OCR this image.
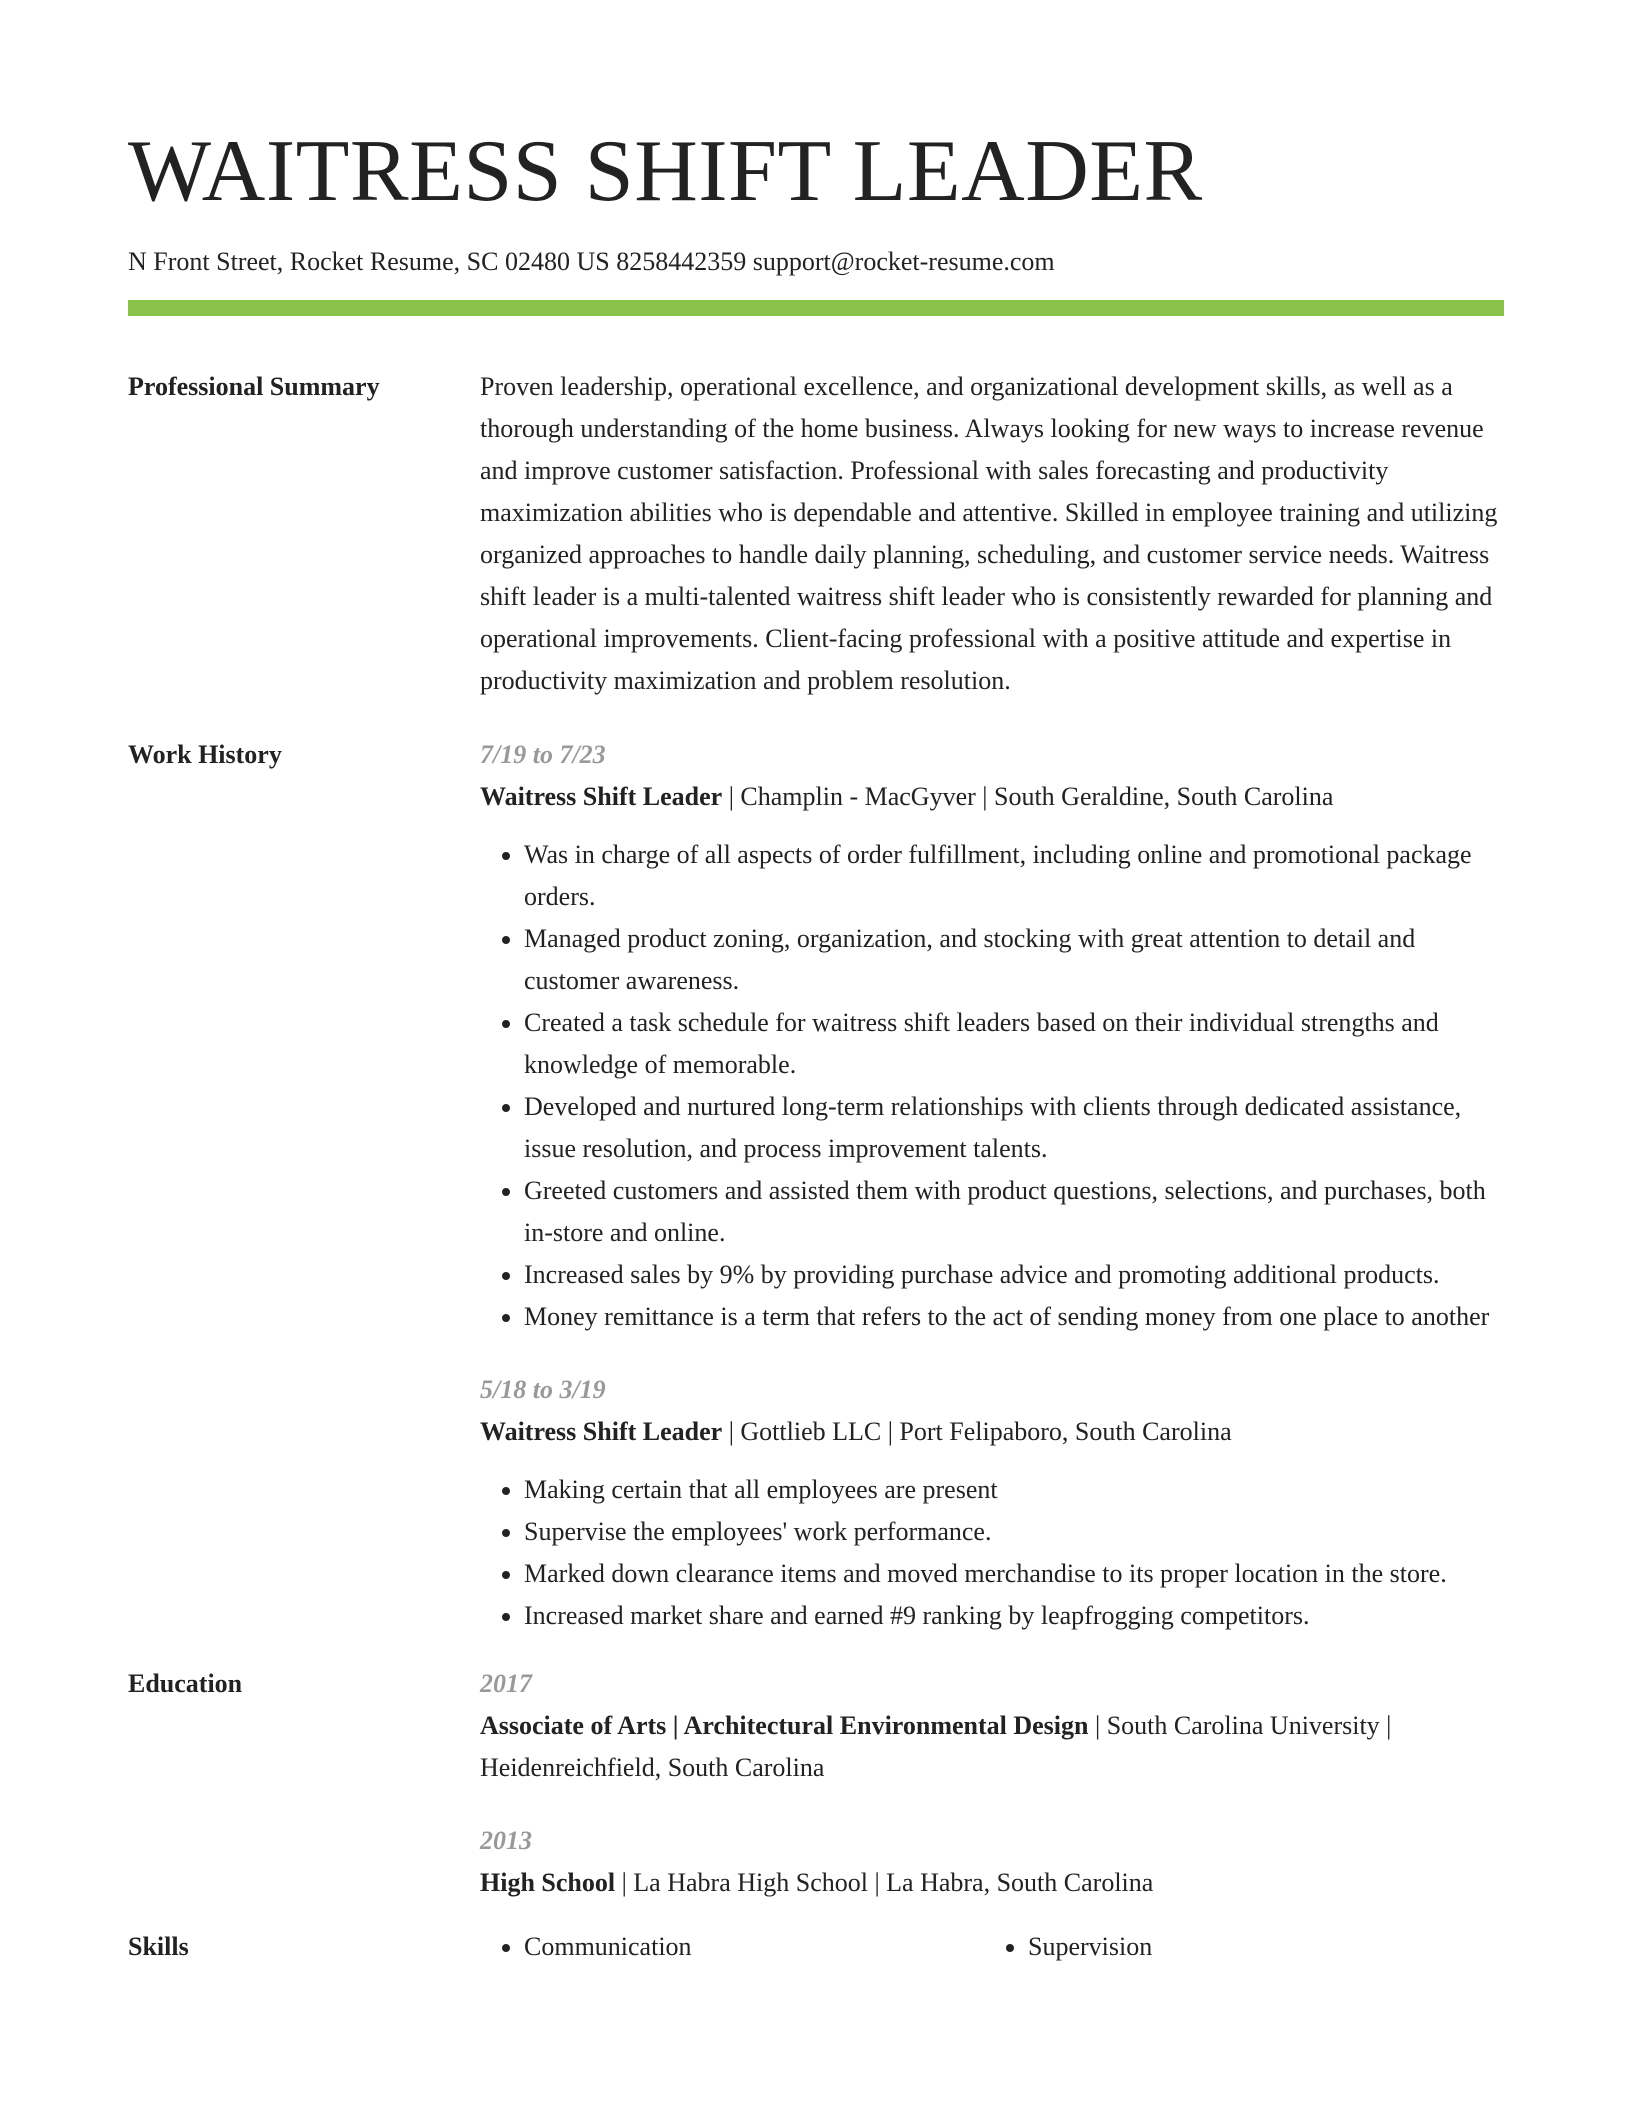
WAITRESS SHIFT LEADER
N Front Street, Rocket Resume, SC 02480 US 8258442359 support@rocket-resume.com
Professional Summary	Proven leadership, operational excellence, and organizational development skills, as well as a thorough understanding of the home business. Always looking for new ways to increase revenue and improve customer satisfaction. Professional with sales forecasting and productivity maximization abilities who is dependable and attentive. Skilled in employee training and utilizing organized approaches to handle daily planning, scheduling, and customer service needs. Waitress shift leader is a multi-talented waitress shift leader who is consistently rewarded for planning and operational improvements. Client-facing professional with a positive attitude and expertise in productivity maximization and problem resolution.
Work History	7/19 to 7/23
Waitress Shift Leader | Champlin - MacGyver | South Geraldine, South Carolina
• Was in charge of all aspects of order fulfillment, including online and promotional package orders.
• Managed product zoning, organization, and stocking with great attention to detail and customer awareness.
• Created a task schedule for waitress shift leaders based on their individual strengths and knowledge of memorable.
• Developed and nurtured long-term relationships with clients through dedicated assistance, issue resolution, and process improvement talents.
• Greeted customers and assisted them with product questions, selections, and purchases, both in-store and online.
• Increased sales by 9% by providing purchase advice and promoting additional products.
• Money remittance is a term that refers to the act of sending money from one place to another
5/18 to 3/19
Waitress Shift Leader | Gottlieb LLC | Port Felipaboro, South Carolina
• Making certain that all employees are present
• Supervise the employees' work performance.
• Marked down clearance items and moved merchandise to its proper location in the store.
• Increased market share and earned #9 ranking by leapfrogging competitors.
Education	2017
Associate of Arts | Architectural Environmental Design | South Carolina University | Heidenreichfield, South Carolina
2013
High School | La Habra High School | La Habra, South Carolina
Skills	• Communication	• Supervision
